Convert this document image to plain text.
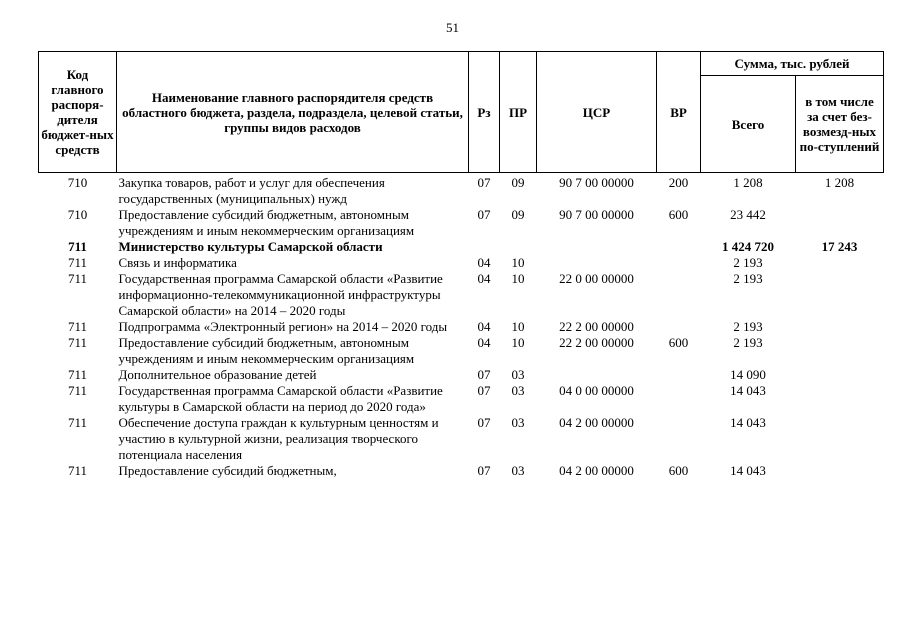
51
Код главного распоря-дителя бюджет-ных средств	Наименование главного распорядителя средств областного бюджета, раздела, подраздела, целевой статьи, группы видов расходов	Рз	ПР	ЦСР	ВР	Сумма, тыс. рублей	
						Всего	в том числе за счет без-возмезд-ных по-ступлений
710	Закупка товаров, работ и услуг для обеспечения государственных (муниципальных) нужд	07	09	90 7 00 00000	200	1 208	1 208
710	Предоставление субсидий бюджетным, автономным учреждениям и иным некоммерческим организациям	07	09	90 7 00 00000	600	23 442	
711	Министерство культуры Самарской области					1 424 720	17 243
711	Связь и информатика	04	10			2 193	
711	Государственная программа Самарской области «Развитие информационно-телекоммуникационной инфраструктуры Самарской области» на 2014 – 2020 годы	04	10	22 0 00 00000		2 193	
711	Подпрограмма «Электронный регион» на 2014 – 2020 годы	04	10	22 2 00 00000		2 193	
711	Предоставление субсидий бюджетным, автономным учреждениям и иным некоммерческим организациям	04	10	22 2 00 00000	600	2 193	
711	Дополнительное образование детей	07	03			14 090	
711	Государственная программа Самарской области «Развитие культуры в Самарской области на период до 2020 года»	07	03	04 0 00 00000		14 043	
711	Обеспечение доступа граждан к культурным ценностям и участию в культурной жизни, реализация творческого потенциала населения	07	03	04 2 00 00000		14 043	
711	Предоставление субсидий бюджетным,	07	03	04 2 00 00000	600	14 043	
